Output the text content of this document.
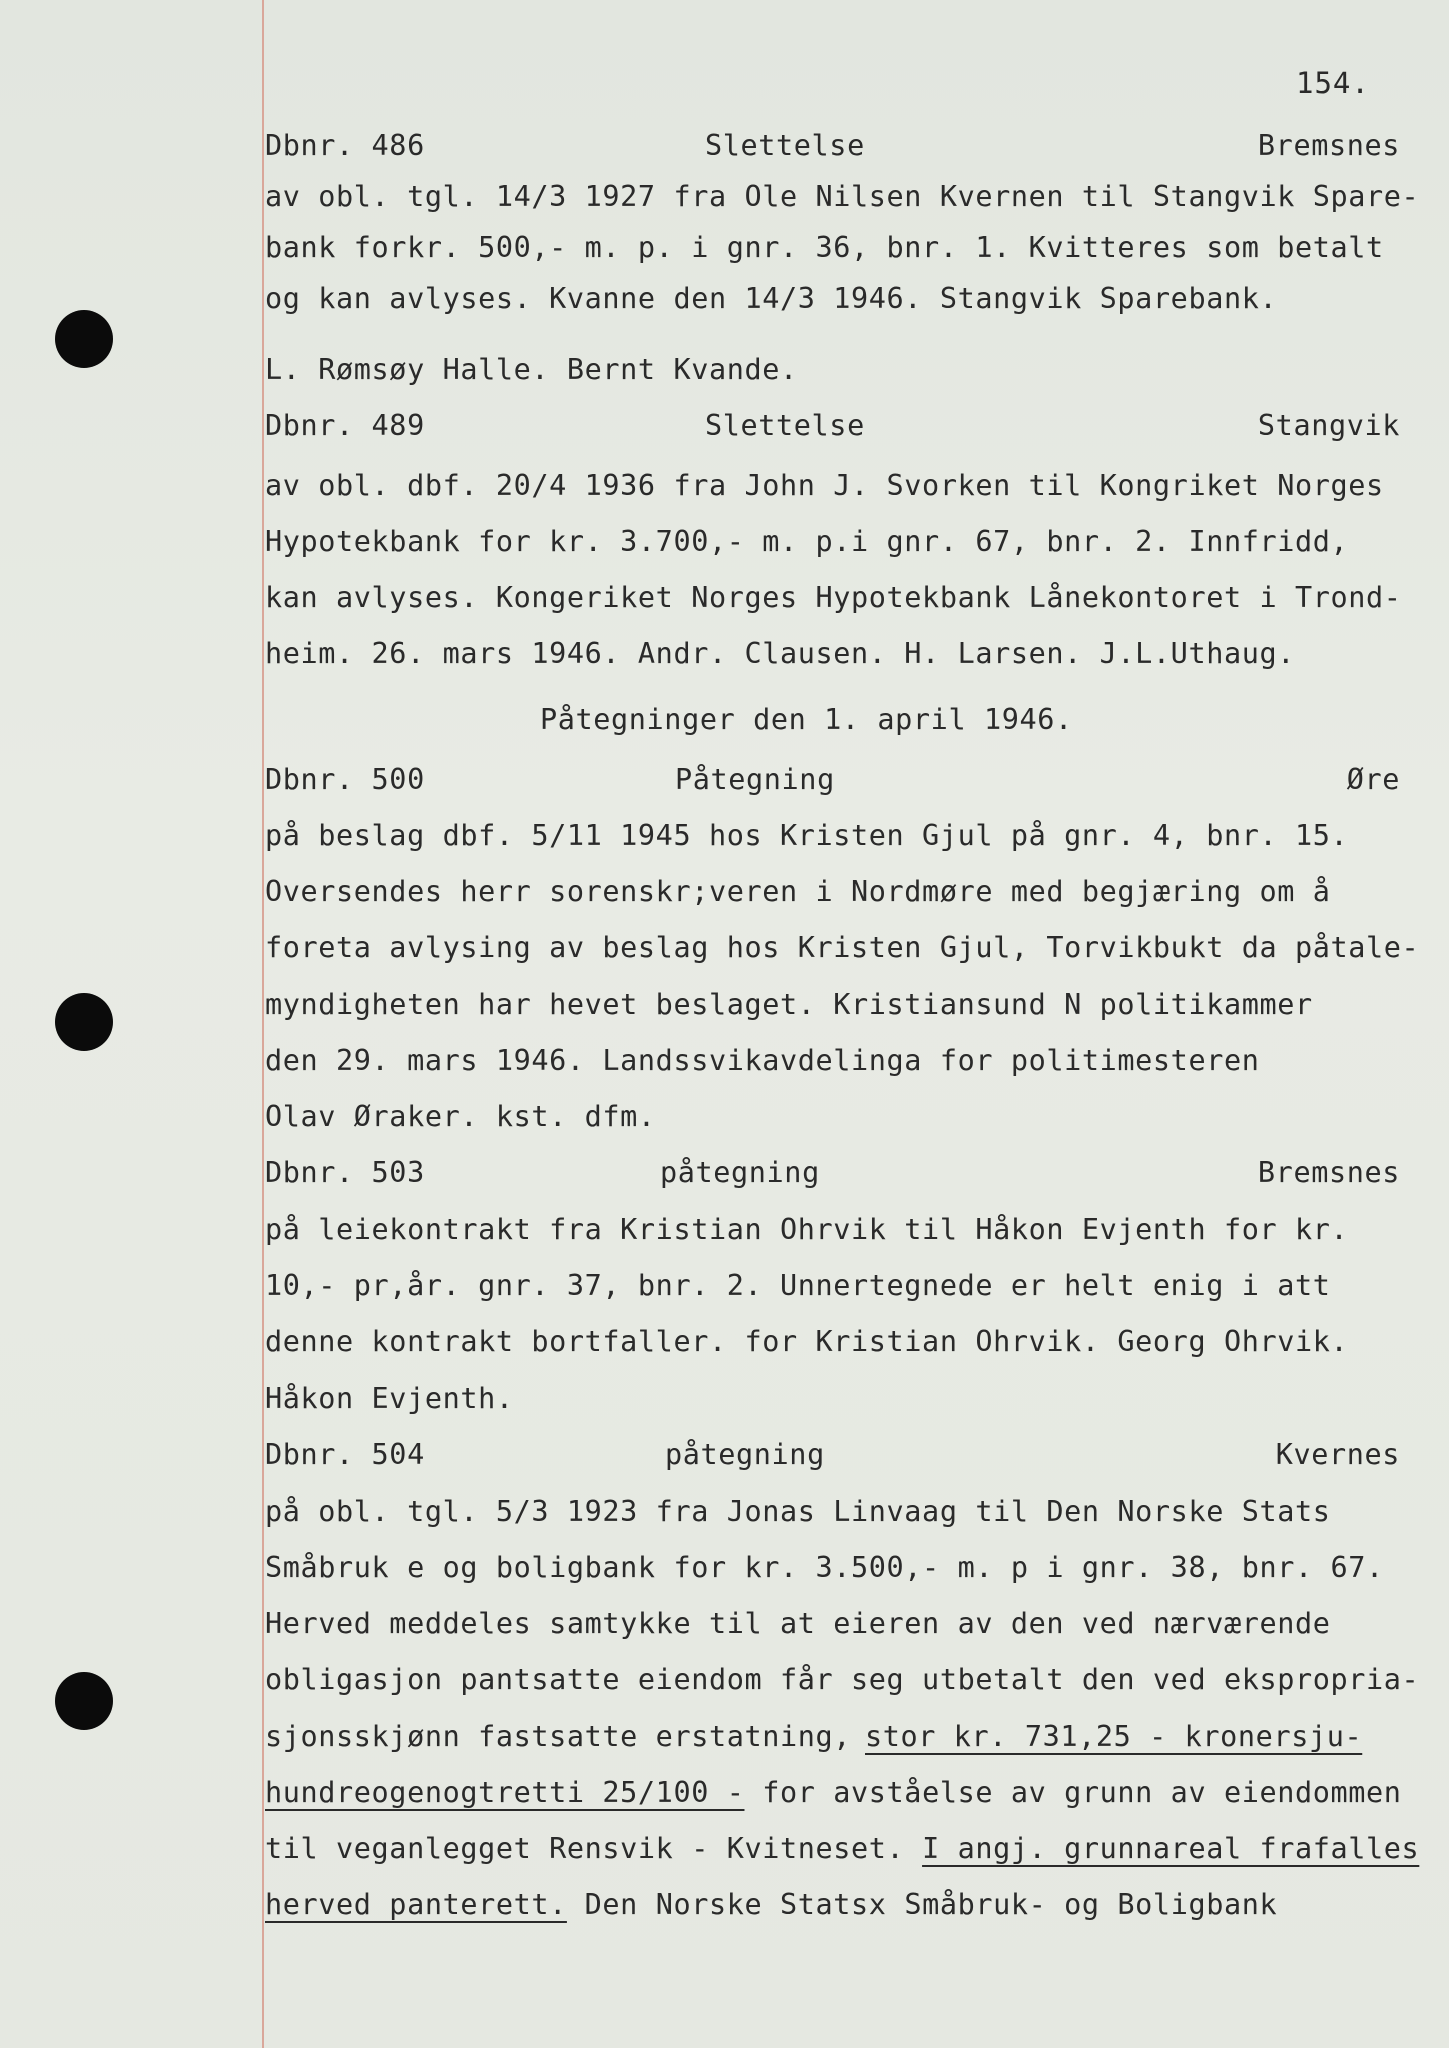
154.
Dbnr. 486	Slettelse	Bremsnes
av obl. tgl. 14/3 1927 fra Ole Nilsen Kvernen til Stangvik Spare-
bank forkr. 500,- m. p. i gnr. 36, bnr. 1. Kvitteres som betalt
og kan avlyses. Kvanne den 14/3 1946. Stangvik Sparebank.
L. Rømsøy Halle. Bernt Kvande.
Dbnr. 489	Slettelse	Stangvik
av obl. dbf. 20/4 1936 fra John J. Svorken til Kongriket Norges
Hypotekbank for kr. 3.700,- m. p.i gnr. 67, bnr. 2. Innfridd,
kan avlyses. Kongeriket Norges Hypotekbank Lånekontoret i Trond-
heim. 26. mars 1946. Andr. Clausen. H. Larsen. J.L.Uthaug.
Påtegninger den 1. april 1946.
Dbnr. 500	Påtegning	Øre
på beslag dbf. 5/11 1945 hos Kristen Gjul på gnr. 4, bnr. 15.
Oversendes herr sorenskr;veren i Nordmøre med begjæring om å
foreta avlysing av beslag hos Kristen Gjul, Torvikbukt da påtale-
myndigheten har hevet beslaget. Kristiansund N politikammer
den 29. mars 1946. Landssvikavdelinga for politimesteren
Olav Øraker. kst. dfm.
Dbnr. 503	påtegning	Bremsnes
på leiekontrakt fra Kristian Ohrvik til Håkon Evjenth for kr.
10,- pr,år. gnr. 37, bnr. 2. Unnertegnede er helt enig i att
denne kontrakt bortfaller. for Kristian Ohrvik. Georg Ohrvik.
Håkon Evjenth.
Dbnr. 504	påtegning	Kvernes
på obl. tgl. 5/3 1923 fra Jonas Linvaag til Den Norske Stats
Småbruk e og boligbank for kr. 3.500,- m. p i gnr. 38, bnr. 67.
Herved meddeles samtykke til at eieren av den ved nærværende
obligasjon pantsatte eiendom får seg utbetalt den ved ekspropria-
sjonsskjønn fastsatte erstatning, stor kr. 731,25 - kronersju-
hundreogenogtretti 25/100 - for avståelse av grunn av eiendommen
til veganlegget Rensvik - Kvitneset. I angj. grunnareal frafalles
herved panterett. Den Norske Statsx Småbruk- og Boligbank
